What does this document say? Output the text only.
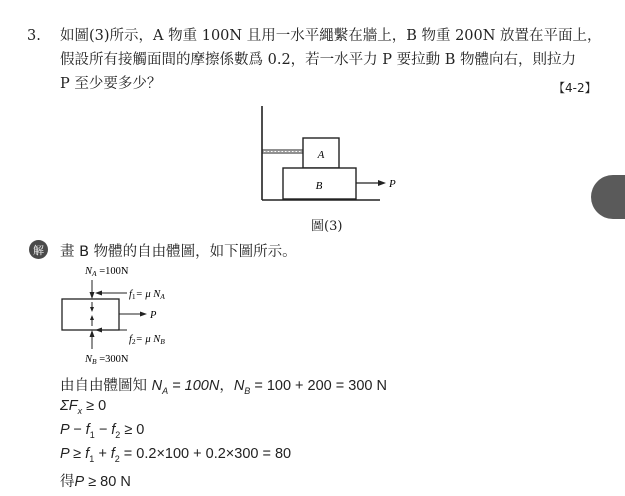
3. 如圖(3)所示，A 物重 100N 且用一水平繩繫在牆上，B 物重 200N 放置在平面上，
假設所有接觸面間的摩擦係數爲 0.2，若一水平力 P 要拉動 B 物體向右，則拉力
P 至少要多少？	【4-2】
A
B	P
圖(3)
解 畫 B 物體的自由體圖，如下圖所示。
NA =100N
f1= μ NA
P
f2= μ NB
NB =300N
由自由體圖知 $N_A = 100N$，$N_B = 100 + 200 = 300$ N
$\Sigma F_x \ge 0$
$P - f_1 - f_2 \ge 0$
$P \ge f_1 + f_2 = 0.2\times 100 + 0.2\times 300 = 80$
得P ≥ 80 N
